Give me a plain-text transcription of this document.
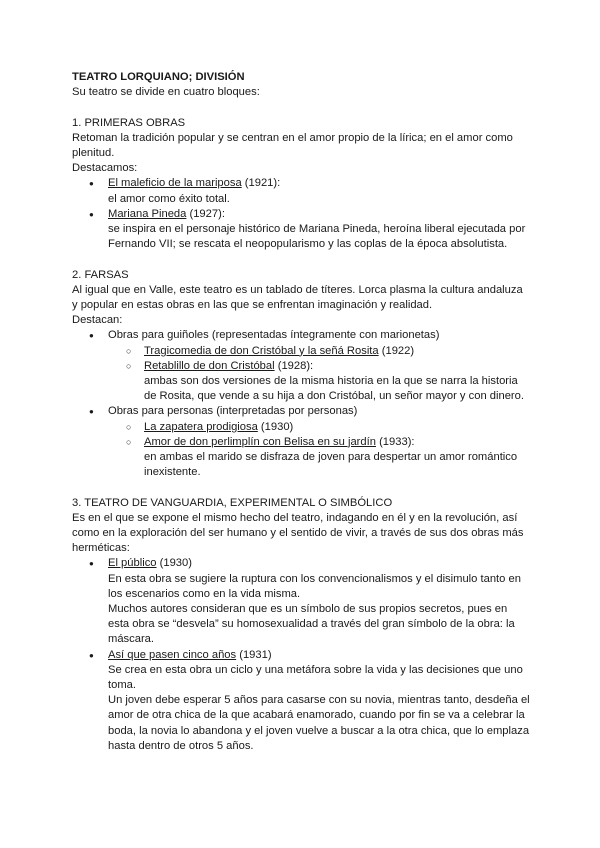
TEATRO LORQUIANO; DIVISIÓN

Su teatro se divide en cuatro bloques:

1. PRIMERAS OBRAS

Retoman la tradición popular y se centran en el amor propio de la lírica; en el amor como plenitud.

Destacamos:

● El maleficio de la mariposa (1921):

el amor como éxito total.

● Mariana Pineda (1927):

se inspira en el personaje histórico de Mariana Pineda, heroína liberal ejecutada por Fernando VII; se rescata el neopopularismo y las coplas de la época absolutista.

2. FARSAS

Al igual que en Valle, este teatro es un tablado de títeres. Lorca plasma la cultura andaluza y popular en estas obras en las que se enfrentan imaginación y realidad.

Destacan:

● Obras para guiñoles (representadas íntegramente con marionetas)
○ Tragicomedia de don Cristóbal y la señá Rosita (1922)
○ Retablillo de don Cristóbal (1928):

ambas son dos versiones de la misma historia en la que se narra la historia de Rosita, que vende a su hija a don Cristóbal, un señor mayor y con dinero.

● Obras para personas (interpretadas por personas)
○ La zapatera prodigiosa (1930)
○ Amor de don perlimplín con Belisa en su jardín (1933):

en ambas el marido se disfraza de joven para despertar un amor romántico inexistente.

3. TEATRO DE VANGUARDIA, EXPERIMENTAL O SIMBÓLICO

Es en el que se expone el mismo hecho del teatro, indagando en él y en la revolución, así como en la exploración del ser humano y el sentido de vivir, a través de sus dos obras más herméticas:

● El público (1930)

En esta obra se sugiere la ruptura con los convencionalismos y el disimulo tanto en los escenarios como en la vida misma.

Muchos autores consideran que es un símbolo de sus propios secretos, pues en esta obra se “desvela” su homosexualidad a través del gran símbolo de la obra: la máscara.

● Así que pasen cinco años (1931)

Se crea en esta obra un ciclo y una metáfora sobre la vida y las decisiones que uno toma.

Un joven debe esperar 5 años para casarse con su novia, mientras tanto, desdeña el amor de otra chica de la que acabará enamorado, cuando por fin se va a celebrar la boda, la novia lo abandona y el joven vuelve a buscar a la otra chica, que lo emplaza hasta dentro de otros 5 años.
